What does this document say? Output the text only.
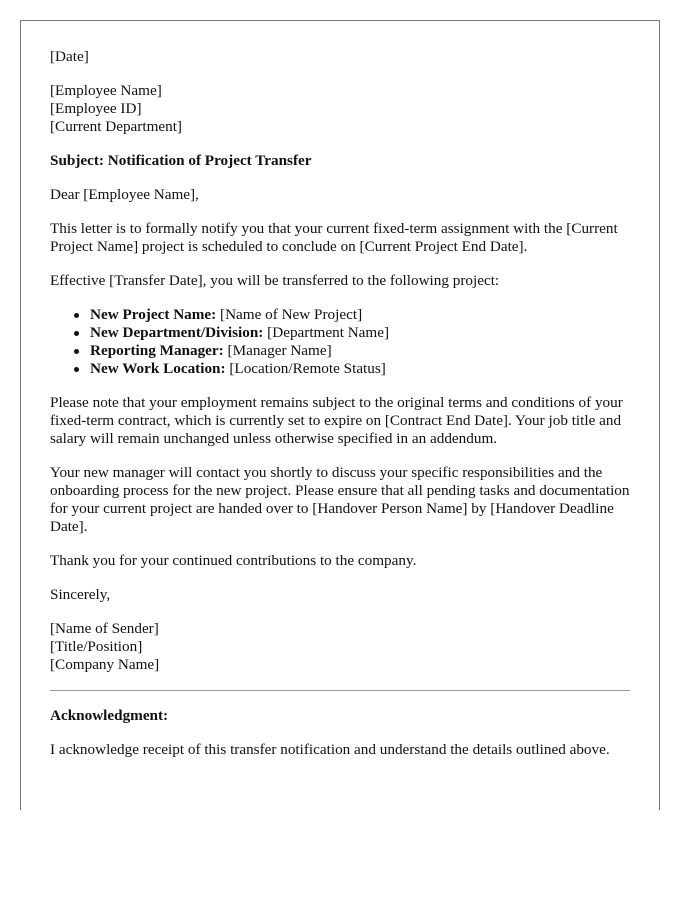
[Date]

[Employee Name]
[Employee ID]
[Current Department]

Subject: Notification of Project Transfer

Dear [Employee Name],

This letter is to formally notify you that your current fixed-term assignment with the [Current Project Name] project is scheduled to conclude on [Current Project End Date].

Effective [Transfer Date], you will be transferred to the following project:

New Project Name: [Name of New Project]
New Department/Division: [Department Name]
Reporting Manager: [Manager Name]
New Work Location: [Location/Remote Status]

Please note that your employment remains subject to the original terms and conditions of your fixed-term contract, which is currently set to expire on [Contract End Date]. Your job title and salary will remain unchanged unless otherwise specified in an addendum.

Your new manager will contact you shortly to discuss your specific responsibilities and the onboarding process for the new project. Please ensure that all pending tasks and documentation for your current project are handed over to [Handover Person Name] by [Handover Deadline Date].

Thank you for your continued contributions to the company.

Sincerely,

[Name of Sender]
[Title/Position]
[Company Name]

Acknowledgment:

I acknowledge receipt of this transfer notification and understand the details outlined above.
